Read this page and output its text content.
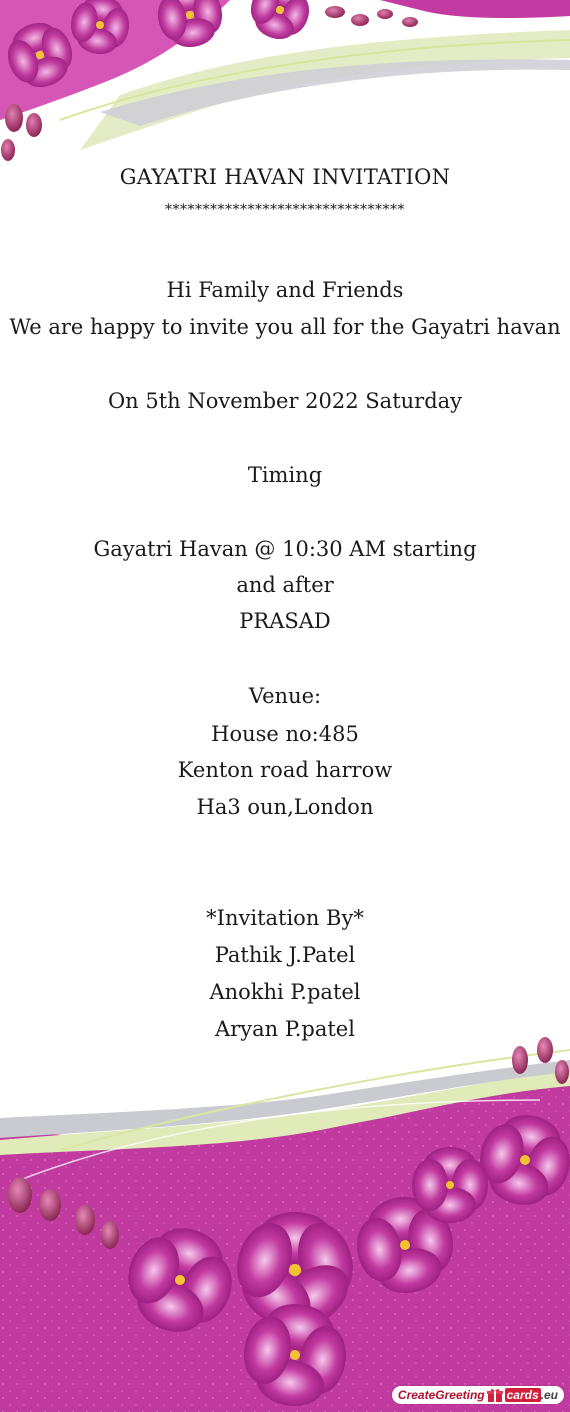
GAYATRI HAVAN INVITATION
********************************
Hi Family and Friends
We are happy to invite you all for the Gayatri havan
On 5th November 2022 Saturday
Timing
Gayatri Havan @ 10:30 AM starting
and after
PRASAD
Venue:
House no:485
Kenton road harrow
Ha3 oun,London
*Invitation By*
Pathik J.Patel
Anokhi P.patel
Aryan P.patel
CreateGreeting cards .eu
